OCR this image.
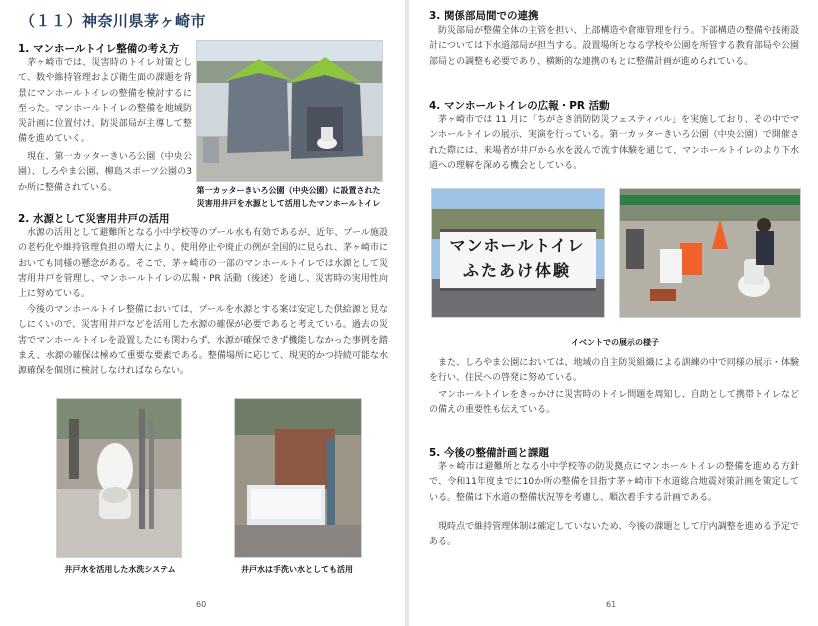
（１１）神奈川県茅ヶ崎市
1. マンホールトイレ整備の考え方
茅ヶ崎市では、災害時のトイレ対策として、数や維持管理および衛生面の課題を背景にマンホールトイレの整備を検討するに至った。マンホールトイレの整備を地域防災計画に位置付け、防災部局が主導して整備を進めていく。
現在、第一カッターきいろ公園（中央公園）、しろやま公園、柳島スポーツ公園の3か所に整備されている。	第一カッターきいろ公園（中央公園）に設置された
災害用井戸を水源として活用したマンホールトイレ
2. 水源として災害用井戸の活用
水源の活用として避難所となる小中学校等のプール水も有効であるが、近年、プール施設の老朽化や維持管理負担の増大により、使用停止や廃止の例が全国的に見られ、茅ヶ崎市においても同様の懸念がある。そこで、茅ヶ崎市の一部のマンホールトイレでは水源として災害用井戸を管理し、マンホールトイレの広報・PR 活動（後述）を通し、災害時の実用性向上に努めている。
今後のマンホールトイレ整備においては、プールを水源とする案は安定した供給源と見なしにくいので、災害用井戸などを活用した水源の確保が必要であると考えている。過去の災害でマンホールトイレを設置したにも関わらず、水源が確保できず機能しなかった事例を踏まえ、水源の確保は極めて重要な要素である。整備場所に応じて、現実的かつ持続可能な水源確保を個別に検討しなければならない。
井戸水を活用した水洗システム	井戸水は手洗い水としても活用
60
3. 関係部局間での連携
防災部局が整備全体の主管を担い、上部構造や倉庫管理を行う。下部構造の整備や技術設計については下水道部局が担当する。設置場所となる学校や公園を所管する教育部局や公園部局との調整も必要であり、横断的な連携のもとに整備計画が進められている。
4. マンホールトイレの広報・PR 活動
茅ヶ崎市では 11 月に「ちがさき消防防災フェスティバル」を実施しており、その中でマンホールトイレの展示、実演を行っている。第一カッターきいろ公園（中央公園）で開催された際には、来場者が井戸から水を汲んで流す体験を通じて、マンホールトイレのより下水道への理解を深める機会としている。
マンホールトイレ
ふたあけ体験
イベントでの展示の様子
また、しろやま公園においては、地域の自主防災組織による訓練の中で同様の展示・体験を行い、住民への啓発に努めている。
マンホールトイレをきっかけに災害時のトイレ問題を周知し、自助として携帯トイレなどの備えの重要性も伝えている。
5. 今後の整備計画と課題
茅ヶ崎市は避難所となる小中学校等の防災拠点にマンホールトイレの整備を進める方針で、令和11年度までに10か所の整備を目指す茅ヶ崎市下水道総合地震対策計画を策定している。整備は下水道の整備状況等を考慮し、順次着手する計画である。
現時点で維持管理体制は確定していないため、今後の課題として庁内調整を進める予定である。
61
